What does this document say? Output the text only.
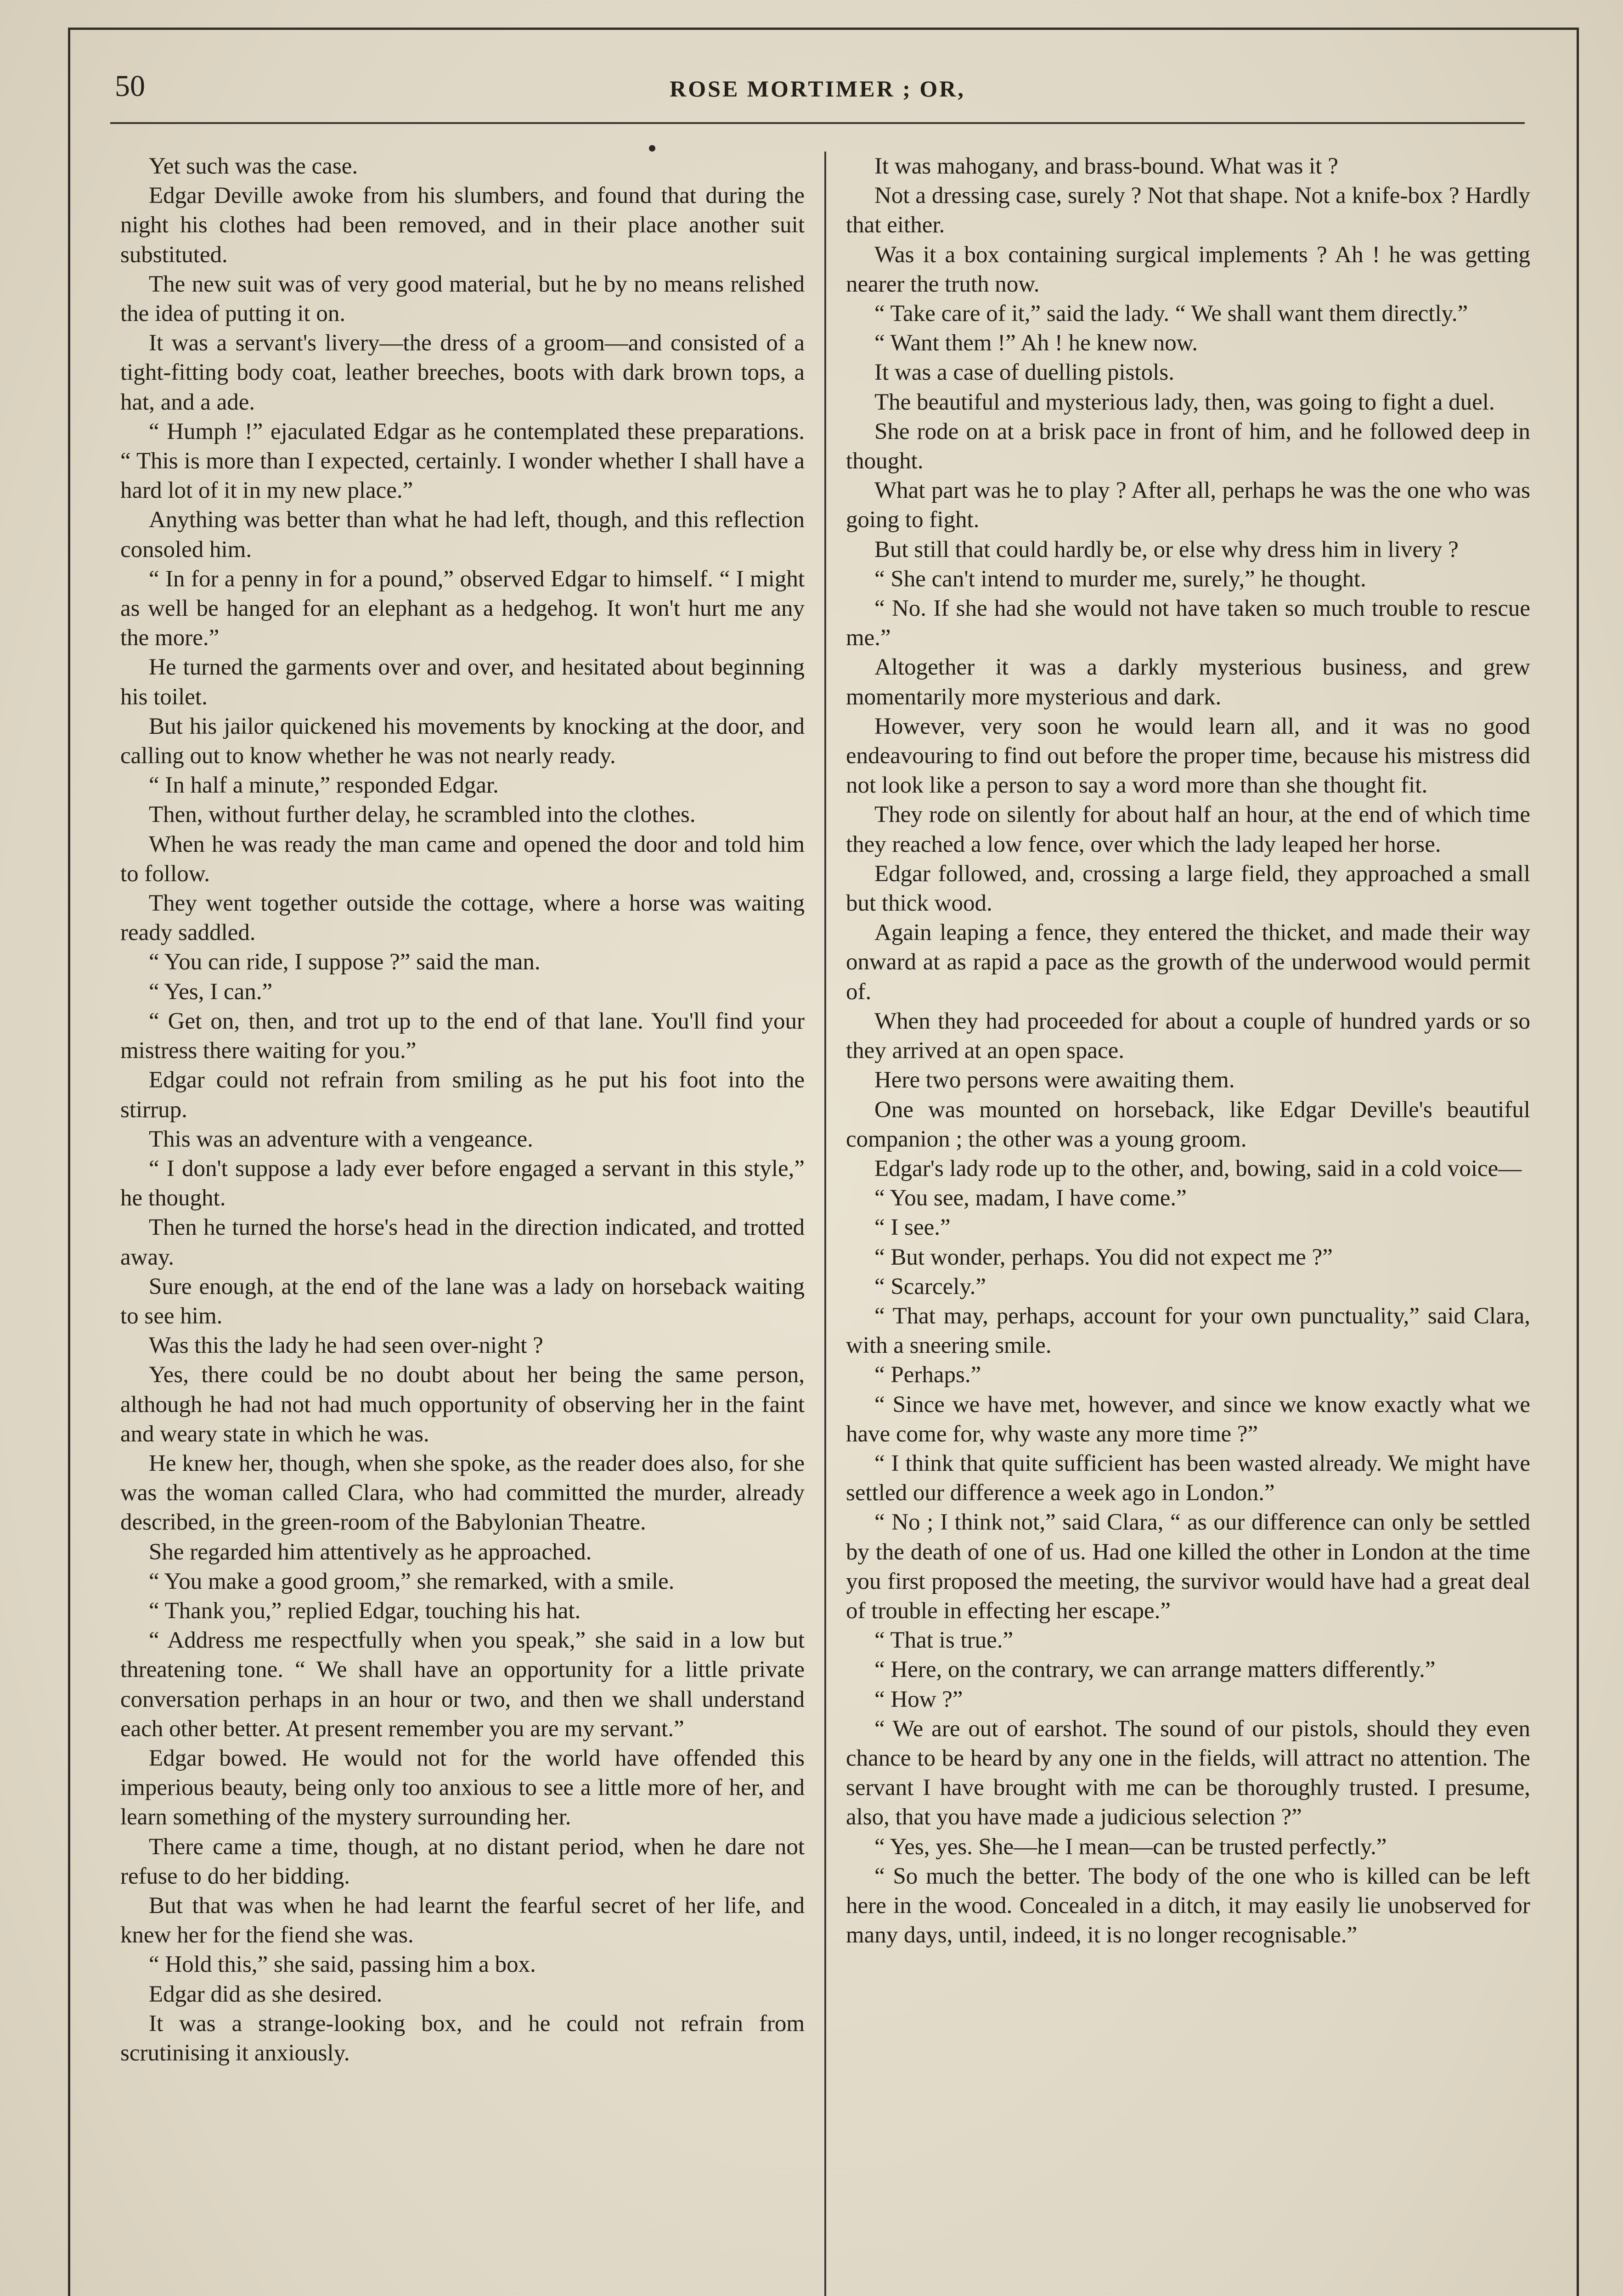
50	ROSE MORTIMER ; OR,

Yet such was the case.

Edgar Deville awoke from his slumbers, and found that during the night his clothes had been removed, and in their place another suit substituted.

The new suit was of very good material, but he by no means relished the idea of putting it on.

It was a servant's livery—the dress of a groom—and consisted of a tight-fitting body coat, leather breeches, boots with dark brown tops, a hat, and a ade.

“ Humph !” ejaculated Edgar as he contemplated these preparations. “ This is more than I expected, certainly. I wonder whether I shall have a hard lot of it in my new place.”

Anything was better than what he had left, though, and this reflection consoled him.

“ In for a penny in for a pound,” observed Edgar to himself. “ I might as well be hanged for an elephant as a hedgehog. It won't hurt me any the more.”

He turned the garments over and over, and hesitated about beginning his toilet.

But his jailor quickened his movements by knocking at the door, and calling out to know whether he was not nearly ready.

“ In half a minute,” responded Edgar.

Then, without further delay, he scrambled into the clothes.

When he was ready the man came and opened the door and told him to follow.

They went together outside the cottage, where a horse was waiting ready saddled.

“ You can ride, I suppose ?” said the man.

“ Yes, I can.”

“ Get on, then, and trot up to the end of that lane. You'll find your mistress there waiting for you.”

Edgar could not refrain from smiling as he put his foot into the stirrup.

This was an adventure with a vengeance.

“ I don't suppose a lady ever before engaged a servant in this style,” he thought.

Then he turned the horse's head in the direction indicated, and trotted away.

Sure enough, at the end of the lane was a lady on horseback waiting to see him.

Was this the lady he had seen over-night ?

Yes, there could be no doubt about her being the same person, although he had not had much opportunity of observing her in the faint and weary state in which he was.

He knew her, though, when she spoke, as the reader does also, for she was the woman called Clara, who had committed the murder, already described, in the green-room of the Babylonian Theatre.

She regarded him attentively as he approached.

“ You make a good groom,” she remarked, with a smile.

“ Thank you,” replied Edgar, touching his hat.

“ Address me respectfully when you speak,” she said in a low but threatening tone. “ We shall have an opportunity for a little private conversation perhaps in an hour or two, and then we shall understand each other better. At present remember you are my servant.”

Edgar bowed. He would not for the world have offended this imperious beauty, being only too anxious to see a little more of her, and learn something of the mystery surrounding her.

There came a time, though, at no distant period, when he dare not refuse to do her bidding.

But that was when he had learnt the fearful secret of her life, and knew her for the fiend she was.

“ Hold this,” she said, passing him a box.

Edgar did as she desired.

It was a strange-looking box, and he could not refrain from scrutinising it anxiously.

It was mahogany, and brass-bound. What was it ?

Not a dressing case, surely ? Not that shape. Not a knife-box ? Hardly that either.

Was it a box containing surgical implements ? Ah ! he was getting nearer the truth now.

“ Take care of it,” said the lady. “ We shall want them directly.”

“ Want them !” Ah ! he knew now.

It was a case of duelling pistols.

The beautiful and mysterious lady, then, was going to fight a duel.

She rode on at a brisk pace in front of him, and he followed deep in thought.

What part was he to play ? After all, perhaps he was the one who was going to fight.

But still that could hardly be, or else why dress him in livery ?

“ She can't intend to murder me, surely,” he thought.

“ No. If she had she would not have taken so much trouble to rescue me.”

Altogether it was a darkly mysterious business, and grew momentarily more mysterious and dark.

However, very soon he would learn all, and it was no good endeavouring to find out before the proper time, because his mistress did not look like a person to say a word more than she thought fit.

They rode on silently for about half an hour, at the end of which time they reached a low fence, over which the lady leaped her horse.

Edgar followed, and, crossing a large field, they approached a small but thick wood.

Again leaping a fence, they entered the thicket, and made their way onward at as rapid a pace as the growth of the underwood would permit of.

When they had proceeded for about a couple of hundred yards or so they arrived at an open space.

Here two persons were awaiting them.

One was mounted on horseback, like Edgar Deville's beautiful companion ; the other was a young groom.

Edgar's lady rode up to the other, and, bowing, said in a cold voice—

“ You see, madam, I have come.”

“ I see.”

“ But wonder, perhaps. You did not expect me ?”

“ Scarcely.”

“ That may, perhaps, account for your own punctuality,” said Clara, with a sneering smile.

“ Perhaps.”

“ Since we have met, however, and since we know exactly what we have come for, why waste any more time ?”

“ I think that quite sufficient has been wasted already. We might have settled our difference a week ago in London.”

“ No ; I think not,” said Clara, “ as our difference can only be settled by the death of one of us. Had one killed the other in London at the time you first proposed the meeting, the survivor would have had a great deal of trouble in effecting her escape.”

“ That is true.”

“ Here, on the contrary, we can arrange matters differently.”

“ How ?”

“ We are out of earshot. The sound of our pistols, should they even chance to be heard by any one in the fields, will attract no attention. The servant I have brought with me can be thoroughly trusted. I presume, also, that you have made a judicious selection ?”

“ Yes, yes. She—he I mean—can be trusted perfectly.”

“ So much the better. The body of the one who is killed can be left here in the wood. Concealed in a ditch, it may easily lie unobserved for many days, until, indeed, it is no longer recognisable.”
